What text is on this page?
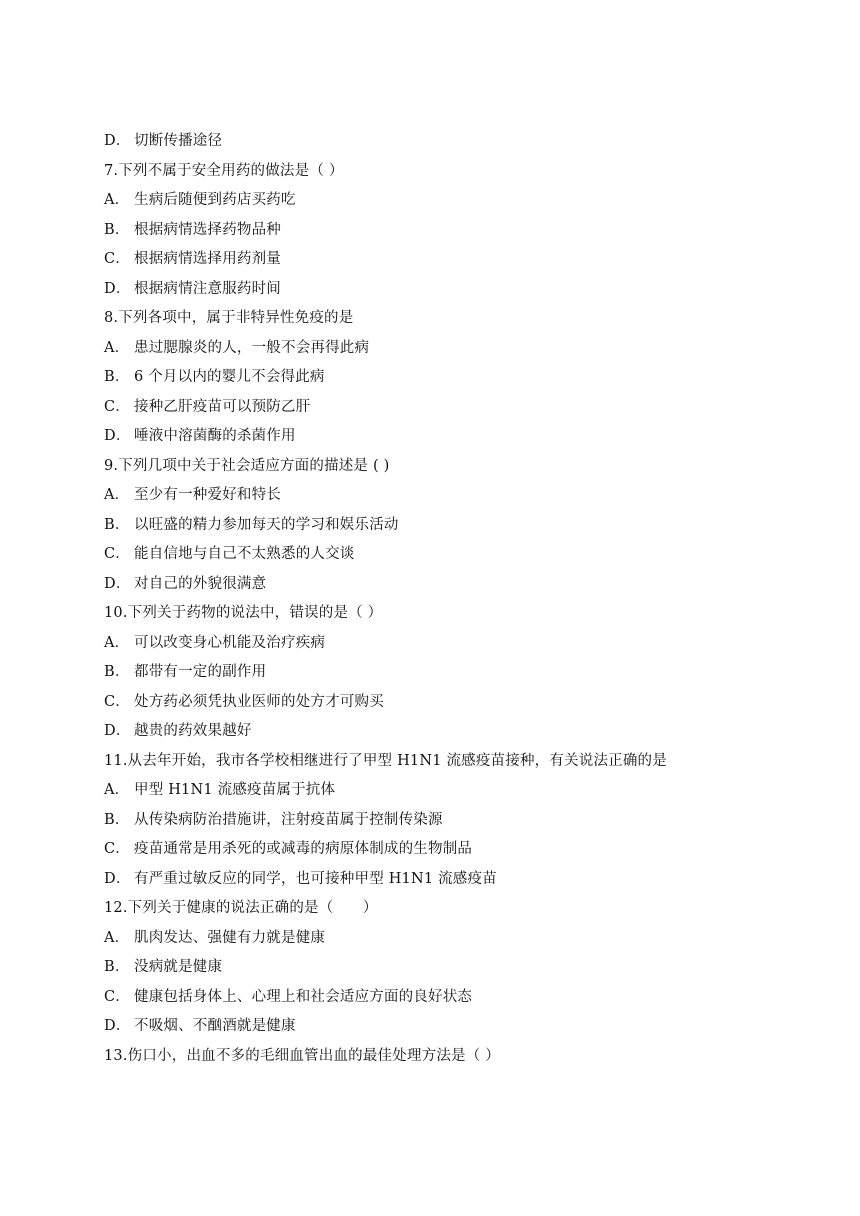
D． 切断传播途径
7.下列不属于安全用药的做法是（ ）
A． 生病后随便到药店买药吃
B． 根据病情选择药物品种
C． 根据病情选择用药剂量
D． 根据病情注意服药时间
8.下列各项中，属于非特异性免疫的是
A． 患过腮腺炎的人，一般不会再得此病
B． 6 个月以内的婴儿不会得此病
C． 接种乙肝疫苗可以预防乙肝
D． 唾液中溶菌酶的杀菌作用
9.下列几项中关于社会适应方面的描述是 ( )
A． 至少有一种爱好和特长
B． 以旺盛的精力参加每天的学习和娱乐活动
C． 能自信地与自己不太熟悉的人交谈
D． 对自己的外貌很满意
10.下列关于药物的说法中，错误的是（ ）
A． 可以改变身心机能及治疗疾病
B． 都带有一定的副作用
C． 处方药必须凭执业医师的处方才可购买
D． 越贵的药效果越好
11.从去年开始，我市各学校相继进行了甲型 H1N1 流感疫苗接种，有关说法正确的是
A． 甲型 H1N1 流感疫苗属于抗体
B． 从传染病防治措施讲，注射疫苗属于控制传染源
C． 疫苗通常是用杀死的或减毒的病原体制成的生物制品
D． 有严重过敏反应的同学，也可接种甲型 H1N1 流感疫苗
12.下列关于健康的说法正确的是（　　）
A． 肌肉发达、强健有力就是健康
B． 没病就是健康
C． 健康包括身体上、心理上和社会适应方面的良好状态
D． 不吸烟、不酗酒就是健康
13.伤口小，出血不多的毛细血管出血的最佳处理方法是（ ）
